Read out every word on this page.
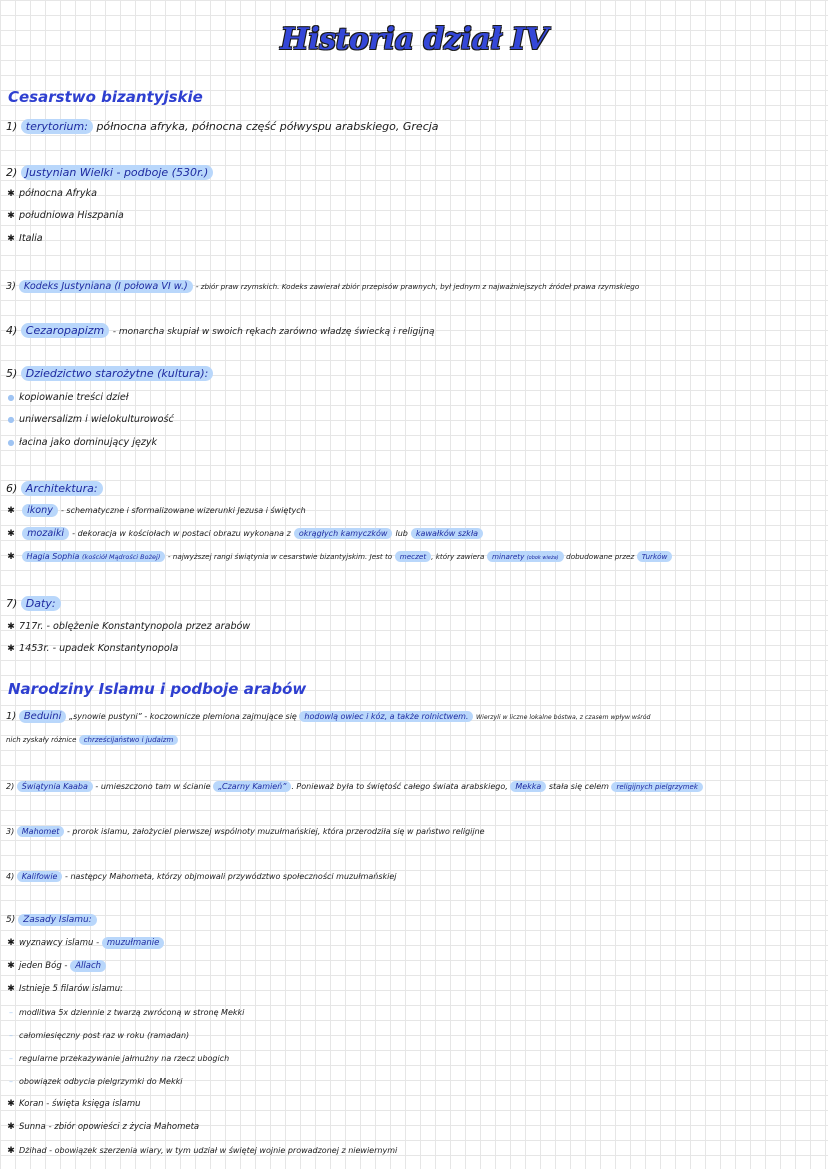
Historia dział IV
Cesarstwo bizantyjskie
1) terytorium: północna afryka, północna część półwyspu arabskiego, Grecja
2) Justynian Wielki - podboje (530r.)
✱ północna Afryka
✱ południowa Hiszpania
✱ Italia
3) Kodeks Justyniana (I połowa VI w.) - zbiór praw rzymskich. Kodeks zawierał zbiór przepisów prawnych, był jednym z najważniejszych źródeł prawa rzymskiego
4) Cezaropapizm - monarcha skupiał w swoich rękach zarówno władzę świecką i religijną
5) Dziedzictwo starożytne (kultura):
● kopiowanie treści dzieł
● uniwersalizm i wielokulturowość
● łacina jako dominujący język
6) Architektura:
✱ ikony - schematyczne i sformalizowane wizerunki Jezusa i świętych
✱ mozaiki - dekoracja w kościołach w postaci obrazu wykonana z okrągłych kamyczków lub kawałków szkła
✱ Hagia Sophia (kościół Mądrości Bożej) - najwyższej rangi świątynia w cesarstwie bizantyjskim. Jest to meczet , który zawiera minarety (obok wieża) dobudowane przez Turków
7) Daty:
✱ 717r. - oblężenie Konstantynopola przez arabów
✱ 1453r. - upadek Konstantynopola
Narodziny Islamu i podboje arabów
1) Beduini „synowie pustyni” - koczownicze plemiona zajmujące się hodowlą owiec i kóz, a także rolnictwem. Wierzyli w liczne lokalne bóstwa, z czasem wpływ wśród
nich zyskały różnice chrześcijaństwo i judaizm
2) Świątynia Kaaba - umieszczono tam w ścianie „Czarny Kamień” . Ponieważ była to świętość całego świata arabskiego, Mekka stała się celem religijnych pielgrzymek
3) Mahomet - prorok islamu, założyciel pierwszej wspólnoty muzułmańskiej, która przerodziła się w państwo religijne
4) Kalifowie - następcy Mahometa, którzy objmowali przywództwo społeczności muzułmańskiej
5) Zasady Islamu:
✱ wyznawcy islamu - muzułmanie
✱ jeden Bóg - Allach
✱ Istnieje 5 filarów islamu:
– modlitwa 5x dziennie z twarzą zwróconą w stronę Mekki
– całomiesięczny post raz w roku (ramadan)
– regularne przekazywanie jałmużny na rzecz ubogich
– obowiązek odbycia pielgrzymki do Mekki
✱ Koran - święta księga islamu
✱ Sunna - zbiór opowieści z życia Mahometa
✱ Dżihad - obowiązek szerzenia wiary, w tym udział w świętej wojnie prowadzonej z niewiernymi
